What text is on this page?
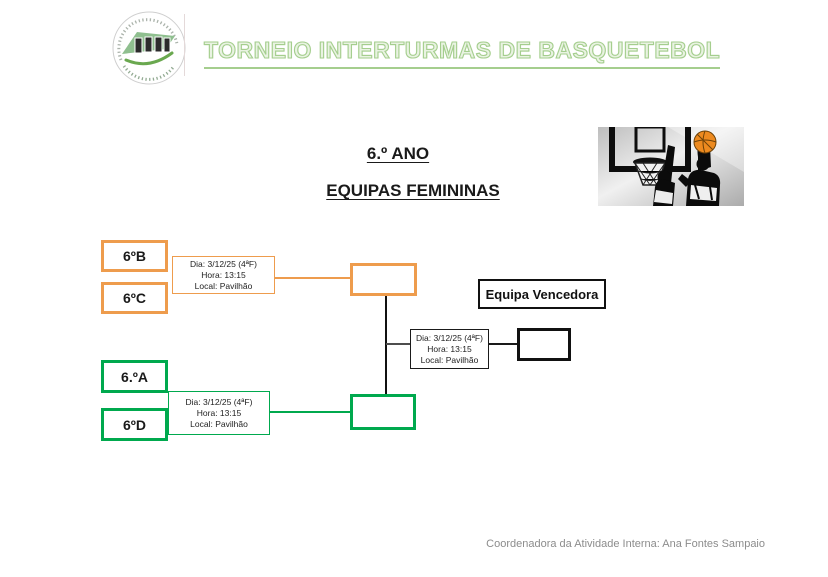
TORNEIO INTERTURMAS DE BASQUETEBOL
6.º ANO
EQUIPAS FEMININAS
6ºB
6ºC
Dia: 3/12/25 (4ªF)
Hora: 13:15
Local: Pavilhão
6.ºA
6ºD
Dia: 3/12/25 (4ªF)
Hora: 13:15
Local: Pavilhão
Dia: 3/12/25 (4ªF)
Hora: 13:15
Local: Pavilhão
Equipa Vencedora
Coordenadora da Atividade Interna: Ana Fontes Sampaio
